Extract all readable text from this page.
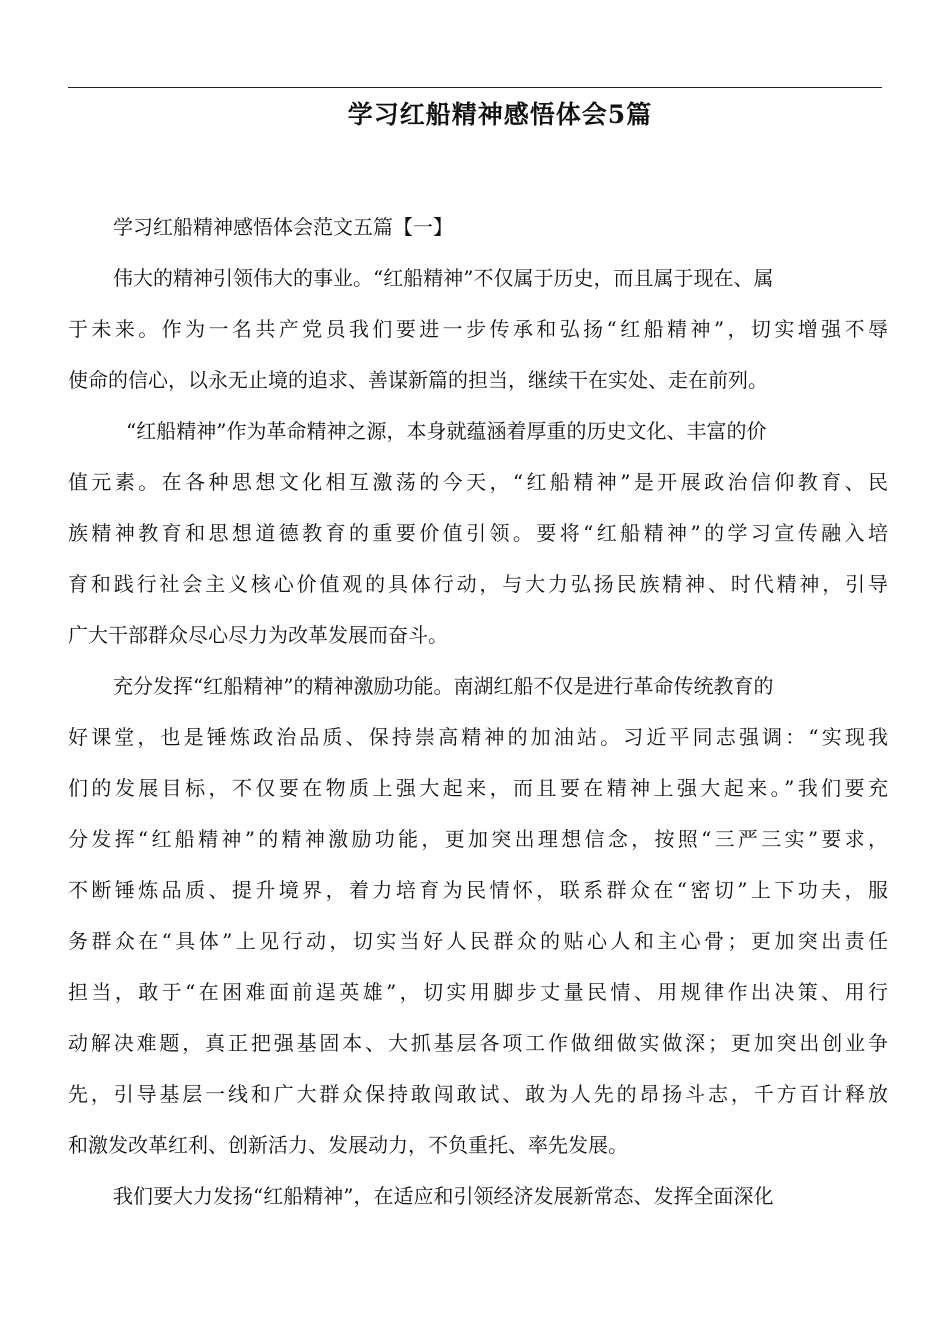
学习红船精神感悟体会5篇
学习红船精神感悟体会范文五篇【一】
伟大的精神引领伟大的事业。“红船精神”不仅属于历史，而且属于现在、属
于未来。作为一名共产党员我们要进一步传承和弘扬“红船精神”，切实增强不辱
使命的信心，以永无止境的追求、善谋新篇的担当，继续干在实处、走在前列。
“红船精神”作为革命精神之源，本身就蕴涵着厚重的历史文化、丰富的价
值元素。在各种思想文化相互激荡的今天，“红船精神”是开展政治信仰教育、民
族精神教育和思想道德教育的重要价值引领。要将“红船精神”的学习宣传融入培
育和践行社会主义核心价值观的具体行动，与大力弘扬民族精神、时代精神，引导
广大干部群众尽心尽力为改革发展而奋斗。
充分发挥“红船精神”的精神激励功能。南湖红船不仅是进行革命传统教育的
好课堂，也是锤炼政治品质、保持崇高精神的加油站。习近平同志强调：“实现我
们的发展目标，不仅要在物质上强大起来，而且要在精神上强大起来。”我们要充
分发挥“红船精神”的精神激励功能，更加突出理想信念，按照“三严三实”要求，
不断锤炼品质、提升境界，着力培育为民情怀，联系群众在“密切”上下功夫，服
务群众在“具体”上见行动，切实当好人民群众的贴心人和主心骨；更加突出责任
担当，敢于“在困难面前逞英雄”，切实用脚步丈量民情、用规律作出决策、用行
动解决难题，真正把强基固本、大抓基层各项工作做细做实做深；更加突出创业争
先，引导基层一线和广大群众保持敢闯敢试、敢为人先的昂扬斗志，千方百计释放
和激发改革红利、创新活力、发展动力，不负重托、率先发展。
我们要大力发扬“红船精神”，在适应和引领经济发展新常态、发挥全面深化
